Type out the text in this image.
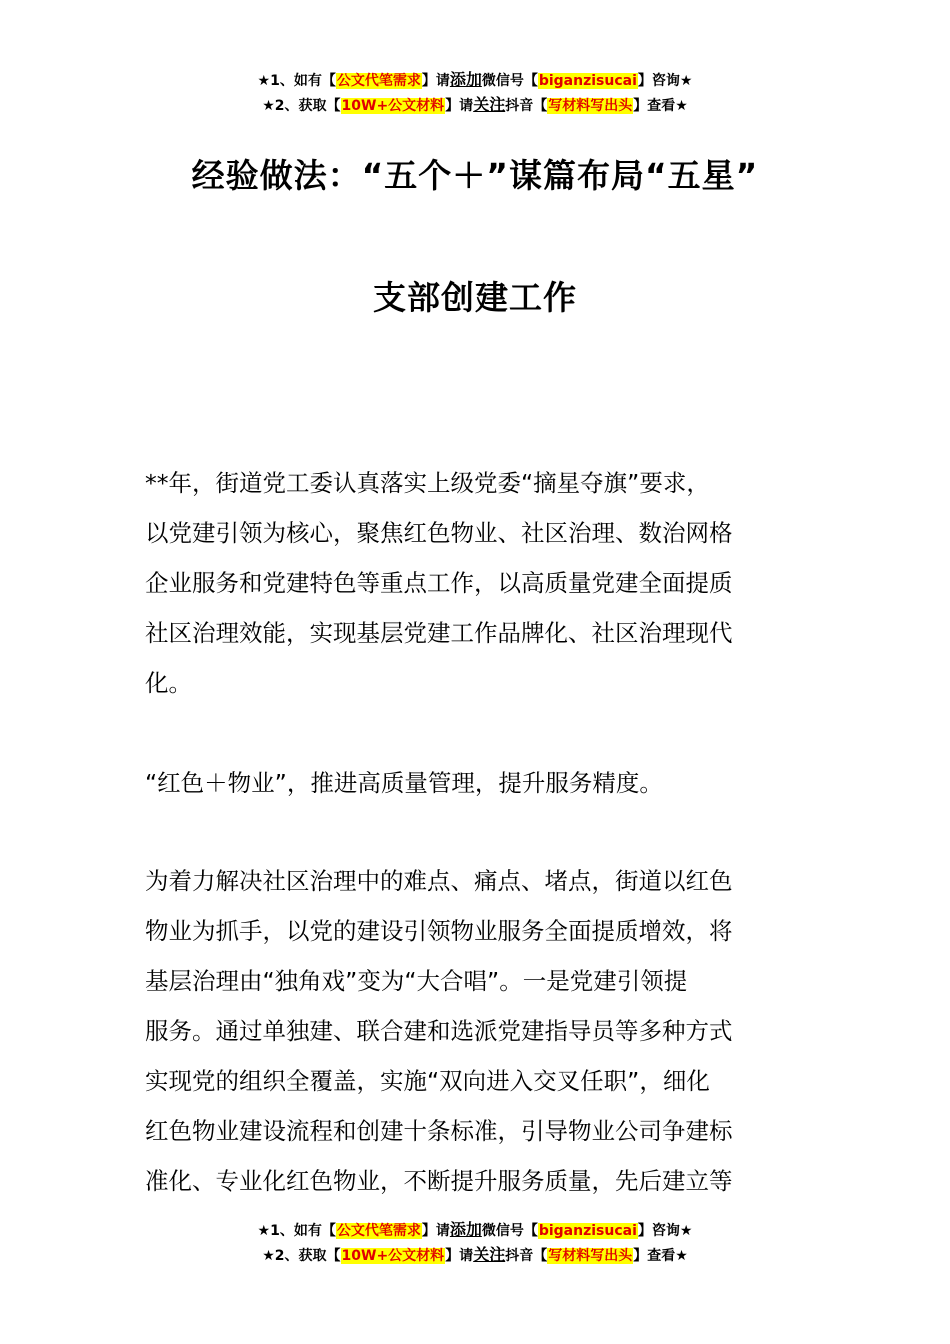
★1、如有【公文代笔需求】请添加微信号【biganzisucai】咨询★
★2、获取【10W+公文材料】请关注抖音【写材料写出头】查看★
经验做法：“五个＋”谋篇布局“五星”
支部创建工作
**年，街道党工委认真落实上级党委“摘星夺旗”要求，
以党建引领为核心，聚焦红色物业、社区治理、数治网格
企业服务和党建特色等重点工作，以高质量党建全面提质
社区治理效能，实现基层党建工作品牌化、社区治理现代
化。
“红色＋物业”，推进高质量管理，提升服务精度。
为着力解决社区治理中的难点、痛点、堵点，街道以红色
物业为抓手，以党的建设引领物业服务全面提质增效，将
基层治理由“独角戏”变为“大合唱”。一是党建引领提
服务。通过单独建、联合建和选派党建指导员等多种方式
实现党的组织全覆盖，实施“双向进入交叉任职”，细化
红色物业建设流程和创建十条标准，引导物业公司争建标
准化、专业化红色物业，不断提升服务质量，先后建立等
★1、如有【公文代笔需求】请添加微信号【biganzisucai】咨询★
★2、获取【10W+公文材料】请关注抖音【写材料写出头】查看★
